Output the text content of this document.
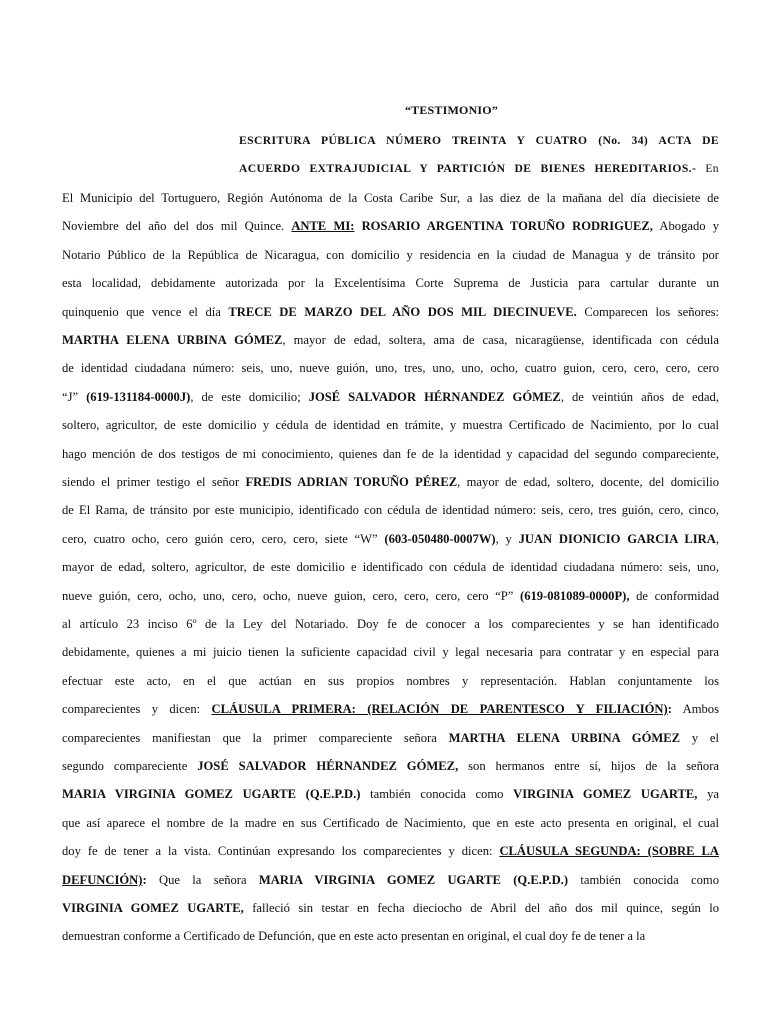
“TESTIMONIO”
ESCRITURA PÚBLICA NÚMERO TREINTA Y CUATRO (No. 34) ACTA DE
ACUERDO EXTRAJUDICIAL Y PARTICIÓN DE BIENES HEREDITARIOS.- En
El Municipio del Tortuguero, Región Autónoma de la Costa Caribe Sur, a las diez de la mañana del día diecisiete de
Noviembre del año del dos mil Quince. ANTE MI: ROSARIO ARGENTINA TORUÑO RODRIGUEZ, Abogado y
Notario Público de la República de Nicaragua, con domicilio y residencia en la ciudad de Managua y de tránsito por
esta localidad, debidamente autorizada por la Excelentísima Corte Suprema de Justicia para cartular durante un
quinquenio que vence el día TRECE DE MARZO DEL AÑO DOS MIL DIECINUEVE. Comparecen los señores:
MARTHA ELENA URBINA GÓMEZ, mayor de edad, soltera, ama de casa, nicaragüense, identificada con cédula
de identidad ciudadana número: seis, uno, nueve guión, uno, tres, uno, uno, ocho, cuatro guion, cero, cero, cero, cero
“J” (619-131184-0000J), de este domicilio; JOSÉ SALVADOR HÉRNANDEZ GÓMEZ, de veintiún años de edad,
soltero, agricultor, de este domicilio y cédula de identidad en trámite, y muestra Certificado de Nacimiento, por lo cual
hago mención de dos testigos de mi conocimiento, quienes dan fe de la identidad y capacidad del segundo compareciente,
siendo el primer testigo el señor FREDIS ADRIAN TORUÑO PÉREZ, mayor de edad, soltero, docente, del domicilio
de El Rama, de tránsito por este municipio, identificado con cédula de identidad número: seis, cero, tres guión, cero, cinco,
cero, cuatro ocho, cero guión cero, cero, cero, siete “W” (603-050480-0007W), y JUAN DIONICIO GARCIA LIRA,
mayor de edad, soltero, agricultor, de este domicilio e identificado con cédula de identidad ciudadana número: seis, uno,
nueve guión, cero, ocho, uno, cero, ocho, nueve guion, cero, cero, cero, cero “P” (619-081089-0000P), de conformidad
al artículo 23 inciso 6º de la Ley del Notariado. Doy fe de conocer a los comparecientes y se han identificado
debidamente, quienes a mi juicio tienen la suficiente capacidad civil y legal necesaria para contratar y en especial para
efectuar este acto, en el que actúan en sus propios nombres y representación. Hablan conjuntamente los
comparecientes y dicen: CLÁUSULA PRIMERA: (RELACIÓN DE PARENTESCO Y FILIACIÓN): Ambos
comparecientes manifiestan que la primer compareciente señora MARTHA ELENA URBINA GÓMEZ y el
segundo compareciente JOSÉ SALVADOR HÉRNANDEZ GÓMEZ, son hermanos entre sí, hijos de la señora
MARIA VIRGINIA GOMEZ UGARTE (Q.E.P.D.) también conocida como VIRGINIA GOMEZ UGARTE, ya
que así aparece el nombre de la madre en sus Certificado de Nacimiento, que en este acto presenta en original, el cual
doy fe de tener a la vista. Continúan expresando los comparecientes y dicen: CLÁUSULA SEGUNDA: (SOBRE LA
DEFUNCIÓN): Que la señora MARIA VIRGINIA GOMEZ UGARTE (Q.E.P.D.) también conocida como
VIRGINIA GOMEZ UGARTE, falleció sin testar en fecha dieciocho de Abril del año dos mil quince, según lo
demuestran conforme a Certificado de Defunción, que en este acto presentan en original, el cual doy fe de tener a la
